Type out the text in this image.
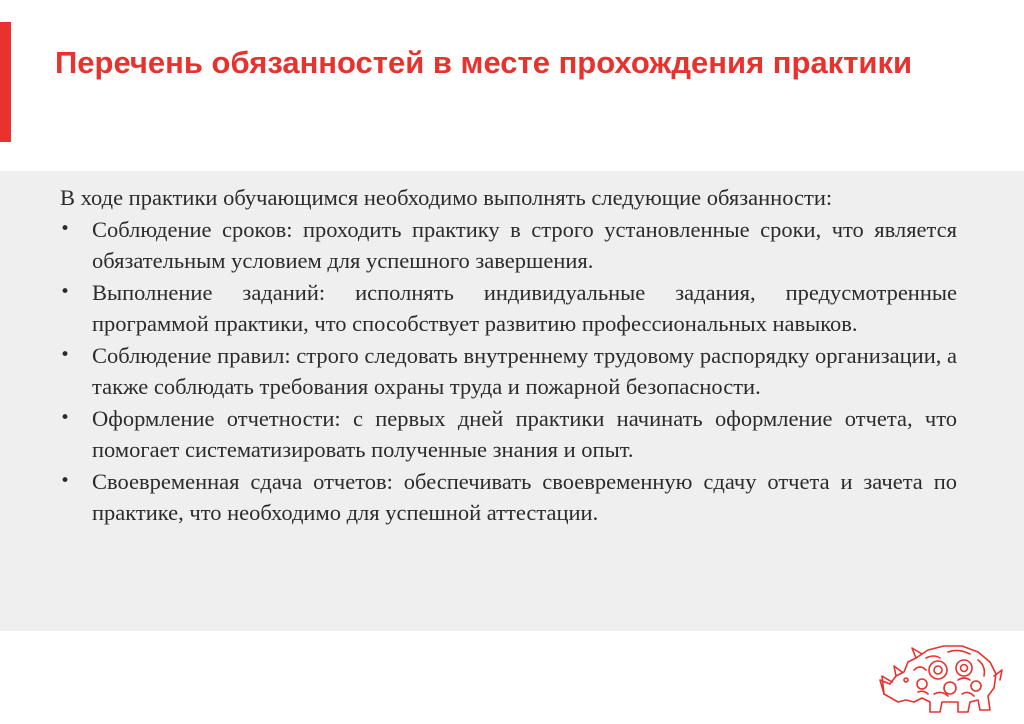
Перечень обязанностей в месте прохождения практики

В ходе практики обучающимся необходимо выполнять следующие обязанности:

• Соблюдение сроков: проходить практику в строго установленные сроки, что является обязательным условием для успешного завершения.
• Выполнение заданий: исполнять индивидуальные задания, предусмотренные программой практики, что способствует развитию профессиональных навыков.
• Соблюдение правил: строго следовать внутреннему трудовому распорядку организации, а также соблюдать требования охраны труда и пожарной безопасности.
• Оформление отчетности: с первых дней практики начинать оформление отчета, что помогает систематизировать полученные знания и опыт.
• Своевременная сдача отчетов: обеспечивать своевременную сдачу отчета и зачета по практике, что необходимо для успешной аттестации.
